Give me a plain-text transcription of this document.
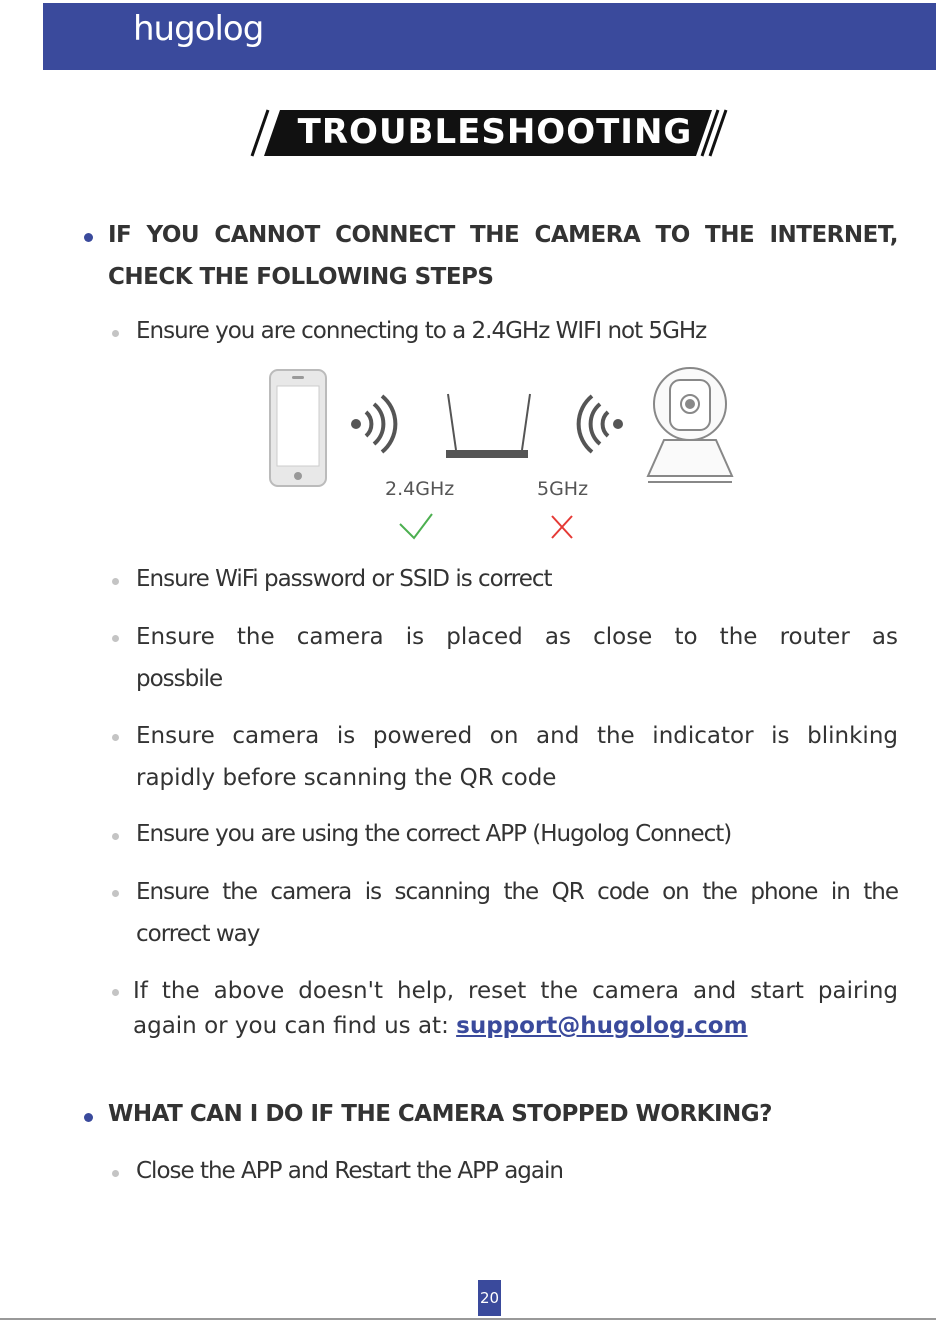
hugolog
TROUBLESHOOTING
IF YOU CANNOT CONNECT THE CAMERA TO THE INTERNET,
CHECK THE FOLLOWING STEPS
Ensure you are connecting to a 2.4GHz WIFI not 5GHz
2.4GHz	5GHz
Ensure WiFi password or SSID is correct
Ensure the camera is placed as close to the router as
possbile
Ensure camera is powered on and the indicator is blinking
rapidly before scanning the QR code
Ensure you are using the correct APP (Hugolog Connect)
Ensure the camera is scanning the QR code on the phone in the
correct way
If the above doesn't help, reset the camera and start pairing
again or you can find us at: support@hugolog.com
WHAT CAN I DO IF THE CAMERA STOPPED WORKING?
Close the APP and Restart the APP again
20
